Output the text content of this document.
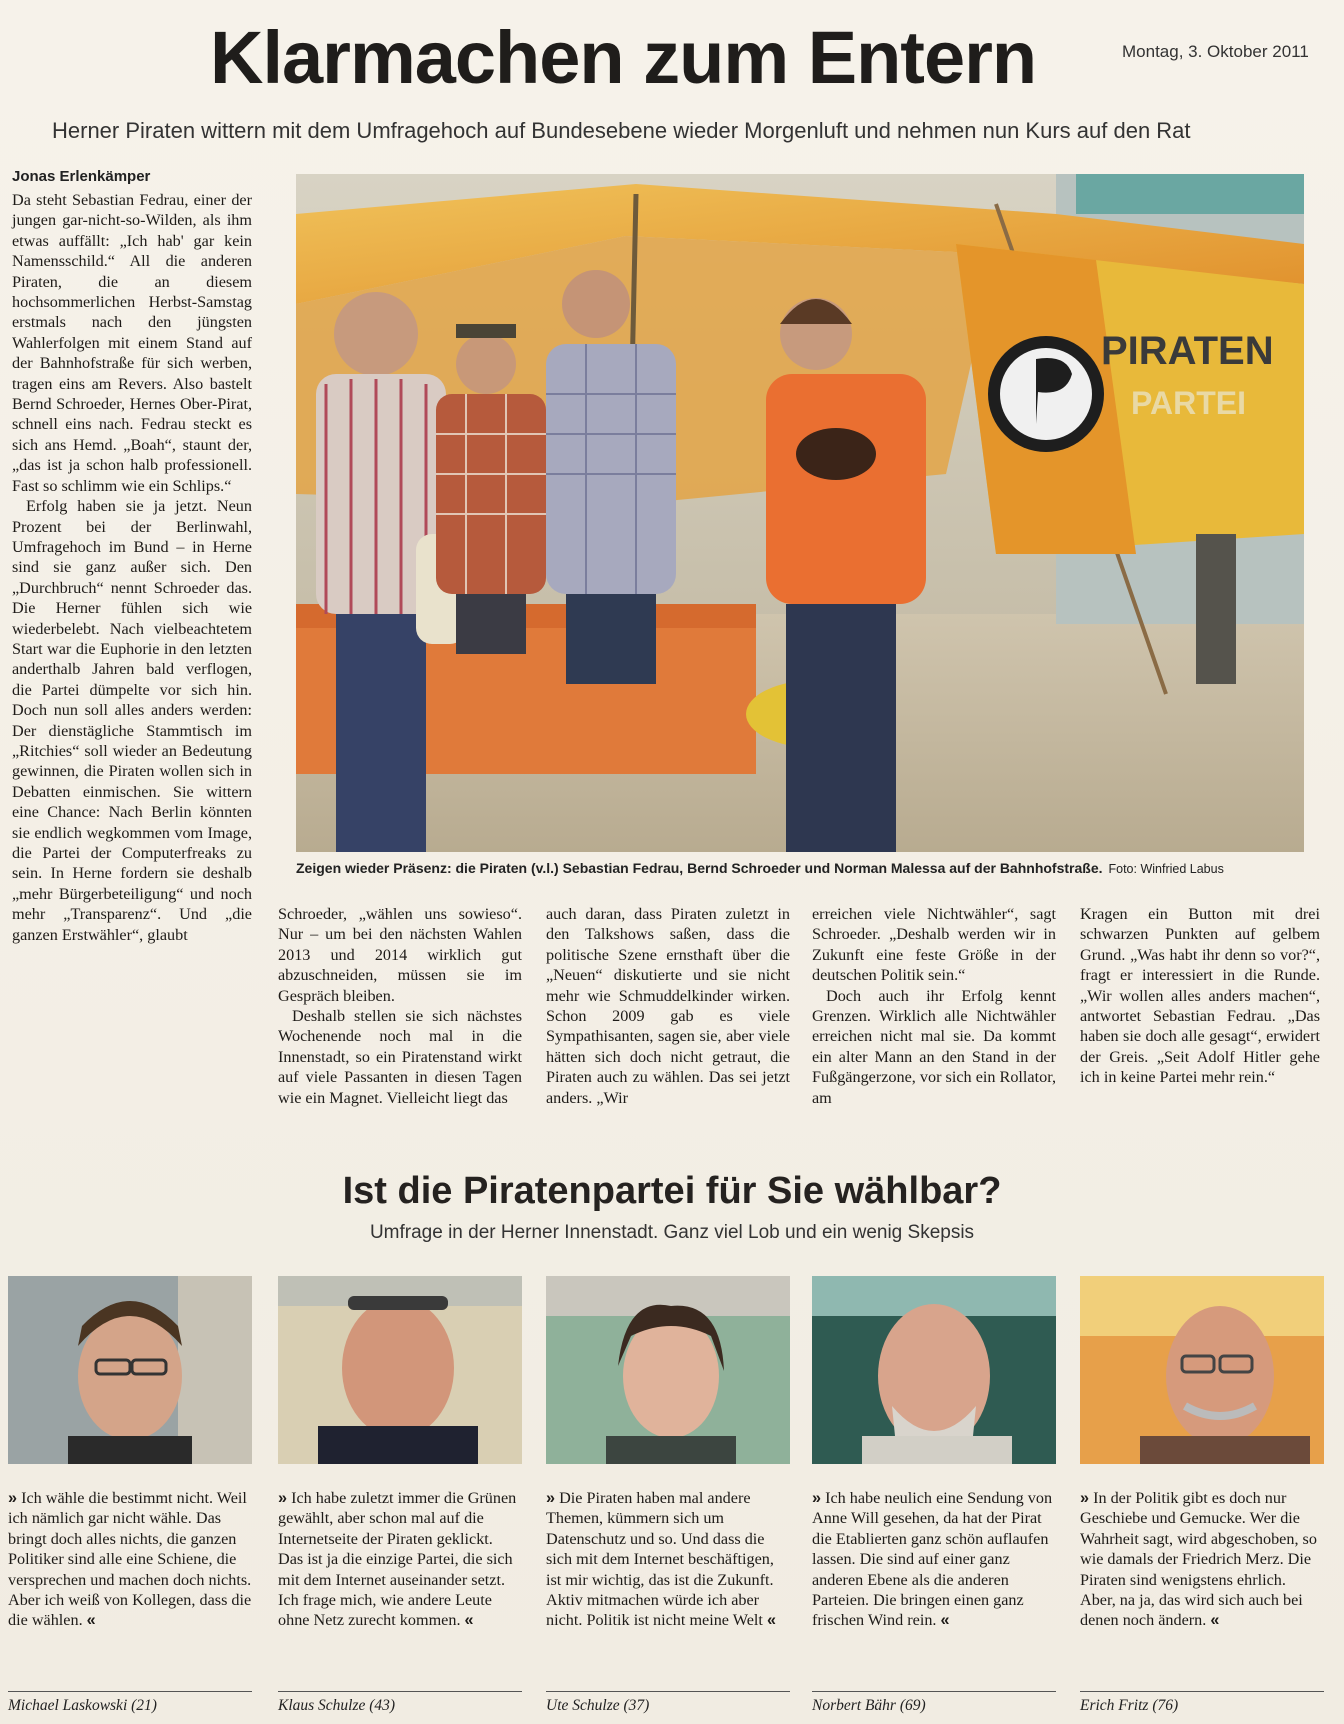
Klarmachen zum Entern	Montag, 3. Oktober 2011
Herner Piraten wittern mit dem Umfragehoch auf Bundesebene wieder Morgenluft und nehmen nun Kurs auf den Rat
Jonas Erlenkämper

Da steht Sebastian Fedrau, einer der jungen gar-nicht-so-Wilden, als ihm etwas auffällt: „Ich hab' gar kein Namensschild.“ All die anderen Piraten, die an diesem hochsommerlichen Herbst-Samstag erstmals nach den jüngsten Wahlerfolgen mit einem Stand auf der Bahnhofstraße für sich werben, tragen eins am Revers. Also bastelt Bernd Schroeder, Hernes Ober-Pirat, schnell eins nach. Fedrau steckt es sich ans Hemd. „Boah“, staunt der, „das ist ja schon halb professionell. Fast so schlimm wie ein Schlips.“

Erfolg haben sie ja jetzt. Neun Prozent bei der Berlinwahl, Umfragehoch im Bund – in Herne sind sie ganz außer sich. Den „Durchbruch“ nennt Schroeder das. Die Herner fühlen sich wie wiederbelebt. Nach vielbeachtetem Start war die Euphorie in den letzten anderthalb Jahren bald verflogen, die Partei dümpelte vor sich hin. Doch nun soll alles anders werden: Der dienstägliche Stammtisch im „Ritchies“ soll wieder an Bedeutung gewinnen, die Piraten wollen sich in Debatten einmischen. Sie wittern eine Chance: Nach Berlin könnten sie endlich wegkommen vom Image, die Partei der Computerfreaks zu sein. In Herne fordern sie deshalb „mehr Bürgerbeteiligung“ und noch mehr „Transparenz“. Und „die ganzen Erstwähler“, glaubt

PIRATEN
PARTEI
Zeigen wieder Präsenz: die Piraten (v.l.) Sebastian Fedrau, Bernd Schroeder und Norman Malessa auf der Bahnhofstraße. Foto: Winfried Labus

Schroeder, „wählen uns sowieso“. Nur – um bei den nächsten Wahlen 2013 und 2014 wirklich gut abzuschneiden, müssen sie im Gespräch bleiben.

Deshalb stellen sie sich nächstes Wochenende noch mal in die Innenstadt, so ein Piratenstand wirkt auf viele Passanten in diesen Tagen wie ein Magnet. Vielleicht liegt das

auch daran, dass Piraten zuletzt in den Talkshows saßen, dass die politische Szene ernsthaft über die „Neuen“ diskutierte und sie nicht mehr wie Schmuddelkinder wirken. Schon 2009 gab es viele Sympathisanten, sagen sie, aber viele hätten sich doch nicht getraut, die Piraten auch zu wählen. Das sei jetzt anders. „Wir

erreichen viele Nichtwähler“, sagt Schroeder. „Deshalb werden wir in Zukunft eine feste Größe in der deutschen Politik sein.“

Doch auch ihr Erfolg kennt Grenzen. Wirklich alle Nichtwähler erreichen nicht mal sie. Da kommt ein alter Mann an den Stand in der Fußgängerzone, vor sich ein Rollator, am

Kragen ein Button mit drei schwarzen Punkten auf gelbem Grund. „Was habt ihr denn so vor?“, fragt er interessiert in die Runde. „Wir wollen alles anders machen“, antwortet Sebastian Fedrau. „Das haben sie doch alle gesagt“, erwidert der Greis. „Seit Adolf Hitler gehe ich in keine Partei mehr rein.“

Ist die Piratenpartei für Sie wählbar?
Umfrage in der Herner Innenstadt. Ganz viel Lob und ein wenig Skepsis
» Ich wähle die bestimmt nicht. Weil ich nämlich gar nicht wähle. Das bringt doch alles nichts, die ganzen Politiker sind alle eine Schiene, die versprechen und machen doch nichts. Aber ich weiß von Kollegen, dass die die wählen. «
» Ich habe zuletzt immer die Grünen gewählt, aber schon mal auf die Internetseite der Piraten geklickt. Das ist ja die einzige Partei, die sich mit dem Internet auseinander setzt. Ich frage mich, wie andere Leute ohne Netz zurecht kommen. «
» Die Piraten haben mal andere Themen, kümmern sich um Datenschutz und so. Und dass die sich mit dem Internet beschäftigen, ist mir wichtig, das ist die Zukunft. Aktiv mitmachen würde ich aber nicht. Politik ist nicht meine Welt «
» Ich habe neulich eine Sendung von Anne Will gesehen, da hat der Pirat die Etablierten ganz schön auflaufen lassen. Die sind auf einer ganz anderen Ebene als die anderen Parteien. Die bringen einen ganz frischen Wind rein. «
» In der Politik gibt es doch nur Geschiebe und Gemucke. Wer die Wahrheit sagt, wird abgeschoben, so wie damals der Friedrich Merz. Die Piraten sind wenigstens ehrlich. Aber, na ja, das wird sich auch bei denen noch ändern. «
Michael Laskowski (21)	Klaus Schulze (43)	Ute Schulze (37)	Norbert Bähr (69)	Erich Fritz (76)
